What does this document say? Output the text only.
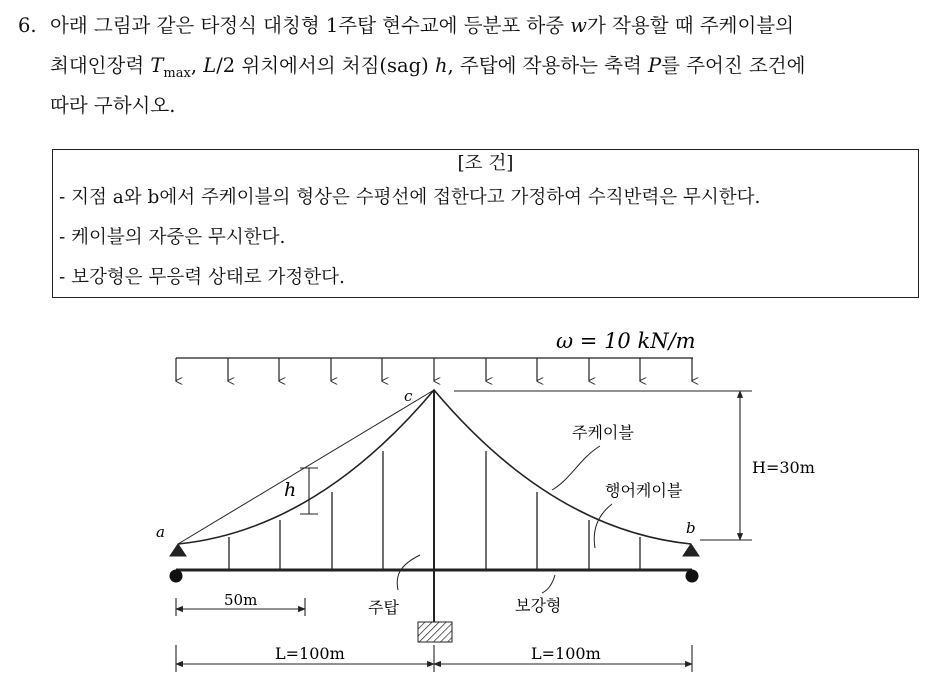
6. 아래 그림과 같은 타정식 대칭형 1주탑 현수교에 등분포 하중 w가 작용할 때 주케이블의
최대인장력 $T_{max}$, L/2 위치에서의 처짐(sag) h, 주탑에 작용하는 축력 P를 주어진 조건에
따라 구하시오.
[조 건]
- 지점 a와 b에서 주케이블의 형상은 수평선에 접한다고 가정하여 수직반력은 무시한다.
- 케이블의 자중은 무시한다.
- 보강형은 무응력 상태로 가정한다.
ω = 10 kN/m
H=30m
a	b
c
h
주케이블
행어케이블
주탑	보강형
50m
L=100m	L=100m
